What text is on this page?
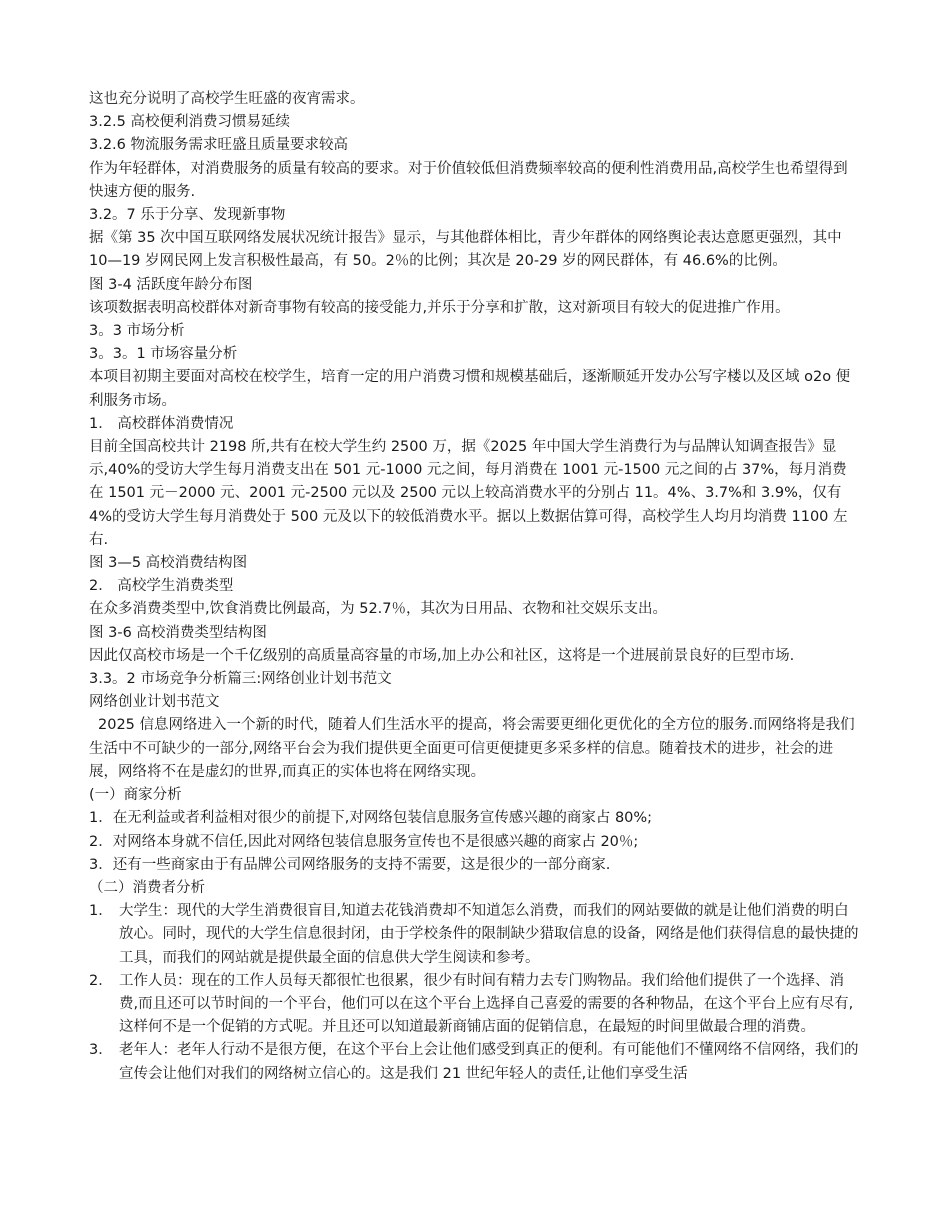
这也充分说明了高校学生旺盛的夜宵需求。

3.2.5 高校便利消费习惯易延续

3.2.6 物流服务需求旺盛且质量要求较高

作为年轻群体，对消费服务的质量有较高的要求。对于价值较低但消费频率较高的便利性消费用品,高校学生也希望得到快速方便的服务.

3.2。7 乐于分享、发现新事物

据《第 35 次中国互联网络发展状况统计报告》显示，与其他群体相比，青少年群体的网络舆论表达意愿更强烈，其中 10—19 岁网民网上发言积极性最高，有 50。2％的比例；其次是 20-29 岁的网民群体，有 46.6%的比例。

图 3-4 活跃度年龄分布图

该项数据表明高校群体对新奇事物有较高的接受能力,并乐于分享和扩散，这对新项目有较大的促进推广作用。

3。3 市场分析

3。3。1 市场容量分析

本项目初期主要面对高校在校学生，培育一定的用户消费习惯和规模基础后，逐渐顺延开发办公写字楼以及区域 o2o 便利服务市场。

1． 高校群体消费情况

目前全国高校共计 2198 所,共有在校大学生约 2500 万，据《2025 年中国大学生消费行为与品牌认知调查报告》显示,40%的受访大学生每月消费支出在 501 元-1000 元之间，每月消费在 1001 元-1500 元之间的占 37%，每月消费在 1501 元－2000 元、2001 元-2500 元以及 2500 元以上较高消费水平的分别占 11。4%、3.7%和 3.9%，仅有 4%的受访大学生每月消费处于 500 元及以下的较低消费水平。据以上数据估算可得，高校学生人均月均消费 1100 左右.

图 3—5 高校消费结构图

2． 高校学生消费类型

在众多消费类型中,饮食消费比例最高，为 52.7％，其次为日用品、衣物和社交娱乐支出。

图 3-6 高校消费类型结构图

因此仅高校市场是一个千亿级别的高质量高容量的市场,加上办公和社区，这将是一个进展前景良好的巨型市场.

3.3。2 市场竞争分析篇三:网络创业计划书范文

网络创业计划书范文

2025 信息网络进入一个新的时代，随着人们生活水平的提高，将会需要更细化更优化的全方位的服务.而网络将是我们生活中不可缺少的一部分,网络平台会为我们提供更全面更可信更便捷更多采多样的信息。随着技术的进步，社会的进展，网络将不在是虚幻的世界,而真正的实体也将在网络实现。

(一）商家分析

1．在无利益或者利益相对很少的前提下,对网络包装信息服务宣传感兴趣的商家占 80%;

2．对网络本身就不信任,因此对网络包装信息服务宣传也不是很感兴趣的商家占 20％;

3．还有一些商家由于有品牌公司网络服务的支持不需要，这是很少的一部分商家.

（二）消费者分析

1． 大学生：现代的大学生消费很盲目,知道去花钱消费却不知道怎么消费，而我们的网站要做的就是让他们消费的明白放心。同时，现代的大学生信息很封闭，由于学校条件的限制缺少猎取信息的设备，网络是他们获得信息的最快捷的工具，而我们的网站就是提供最全面的信息供大学生阅读和参考。
2． 工作人员：现在的工作人员每天都很忙也很累，很少有时间有精力去专门购物品。我们给他们提供了一个选择、消费,而且还可以节时间的一个平台，他们可以在这个平台上选择自己喜爱的需要的各种物品，在这个平台上应有尽有,这样何不是一个促销的方式呢。并且还可以知道最新商铺店面的促销信息，在最短的时间里做最合理的消费。
3． 老年人：老年人行动不是很方便，在这个平台上会让他们感受到真正的便利。有可能他们不懂网络不信网络，我们的宣传会让他们对我们的网络树立信心的。这是我们 21 世纪年轻人的责任,让他们享受生活
